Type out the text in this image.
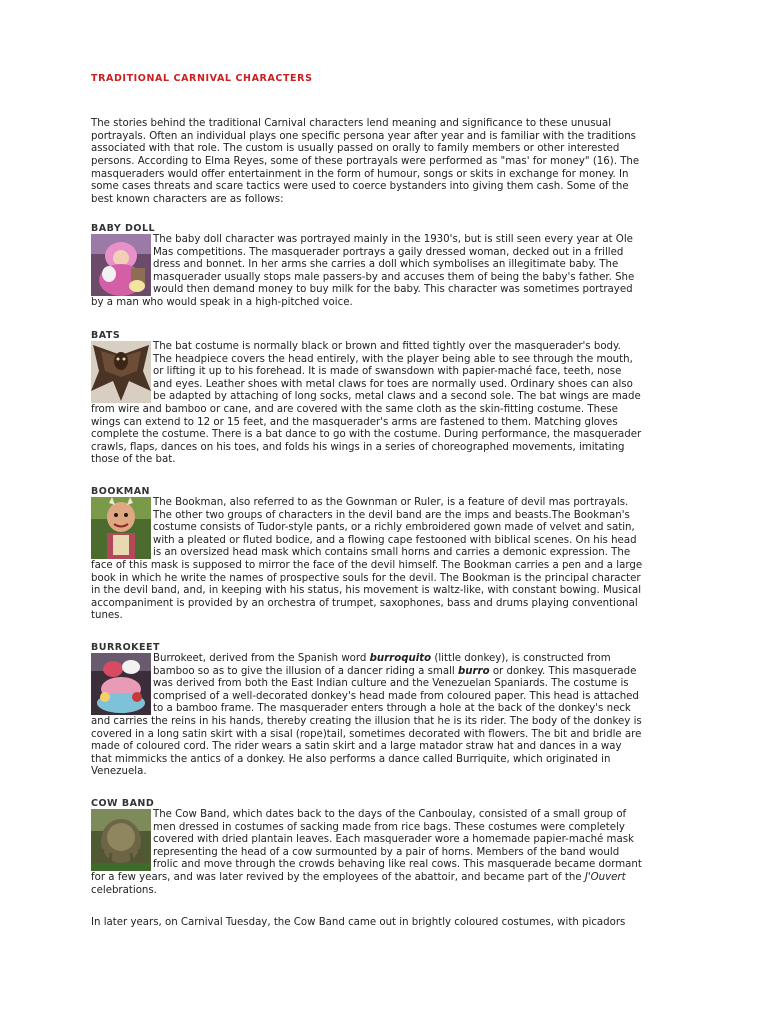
TRADITIONAL CARNIVAL CHARACTERS

The stories behind the traditional Carnival characters lend meaning and significance to these unusual portrayals. Often an individual plays one specific persona year after year and is familiar with the traditions associated with that role. The custom is usually passed on orally to family members or other interested persons. According to Elma Reyes, some of these portrayals were performed as "mas' for money" (16). The masqueraders would offer entertainment in the form of humour, songs or skits in exchange for money. In some cases threats and scare tactics were used to coerce bystanders into giving them cash. Some of the best known characters are as follows:

BABY DOLL

The baby doll character was portrayed mainly in the 1930's, but is still seen every year at Ole Mas competitions. The masquerader portrays a gaily dressed woman, decked out in a frilled dress and bonnet. In her arms she carries a doll which symbolises an illegitimate baby. The masquerader usually stops male passers-by and accuses them of being the baby's father. She would then demand money to buy milk for the baby. This character was sometimes portrayed by a man who would speak in a high-pitched voice.

BATS

The bat costume is normally black or brown and fitted tightly over the masquerader's body. The headpiece covers the head entirely, with the player being able to see through the mouth, or lifting it up to his forehead. It is made of swansdown with papier-maché face, teeth, nose and eyes. Leather shoes with metal claws for toes are normally used. Ordinary shoes can also be adapted by attaching of long socks, metal claws and a second sole. The bat wings are made from wire and bamboo or cane, and are covered with the same cloth as the skin-fitting costume. These wings can extend to 12 or 15 feet, and the masquerader's arms are fastened to them. Matching gloves complete the costume. There is a bat dance to go with the costume. During performance, the masquerader crawls, flaps, dances on his toes, and folds his wings in a series of choreographed movements, imitating those of the bat.

BOOKMAN

The Bookman, also referred to as the Gownman or Ruler, is a feature of devil mas portrayals. The other two groups of characters in the devil band are the imps and beasts.The Bookman's costume consists of Tudor-style pants, or a richly embroidered gown made of velvet and satin, with a pleated or fluted bodice, and a flowing cape festooned with biblical scenes. On his head is an oversized head mask which contains small horns and carries a demonic expression. The face of this mask is supposed to mirror the face of the devil himself. The Bookman carries a pen and a large book in which he write the names of prospective souls for the devil. The Bookman is the principal character in the devil band, and, in keeping with his status, his movement is waltz-like, with constant bowing. Musical accompaniment is provided by an orchestra of trumpet, saxophones, bass and drums playing conventional tunes.

BURROKEET

Burrokeet, derived from the Spanish word burroquito (little donkey), is constructed from bamboo so as to give the illusion of a dancer riding a small burro or donkey. This masquerade was derived from both the East Indian culture and the Venezuelan Spaniards. The costume is comprised of a well-decorated donkey's head made from coloured paper. This head is attached to a bamboo frame. The masquerader enters through a hole at the back of the donkey's neck and carries the reins in his hands, thereby creating the illusion that he is its rider. The body of the donkey is covered in a long satin skirt with a sisal (rope)tail, sometimes decorated with flowers. The bit and bridle are made of coloured cord. The rider wears a satin skirt and a large matador straw hat and dances in a way that mimmicks the antics of a donkey. He also performs a dance called Burriquite, which originated in Venezuela.

COW BAND

The Cow Band, which dates back to the days of the Canboulay, consisted of a small group of men dressed in costumes of sacking made from rice bags. These costumes were completely covered with dried plantain leaves. Each masquerader wore a homemade papier-maché mask representing the head of a cow surmounted by a pair of horns. Members of the band would frolic and move through the crowds behaving like real cows. This masquerade became dormant for a few years, and was later revived by the employees of the abattoir, and became part of the J'Ouvert celebrations.

In later years, on Carnival Tuesday, the Cow Band came out in brightly coloured costumes, with picadors
